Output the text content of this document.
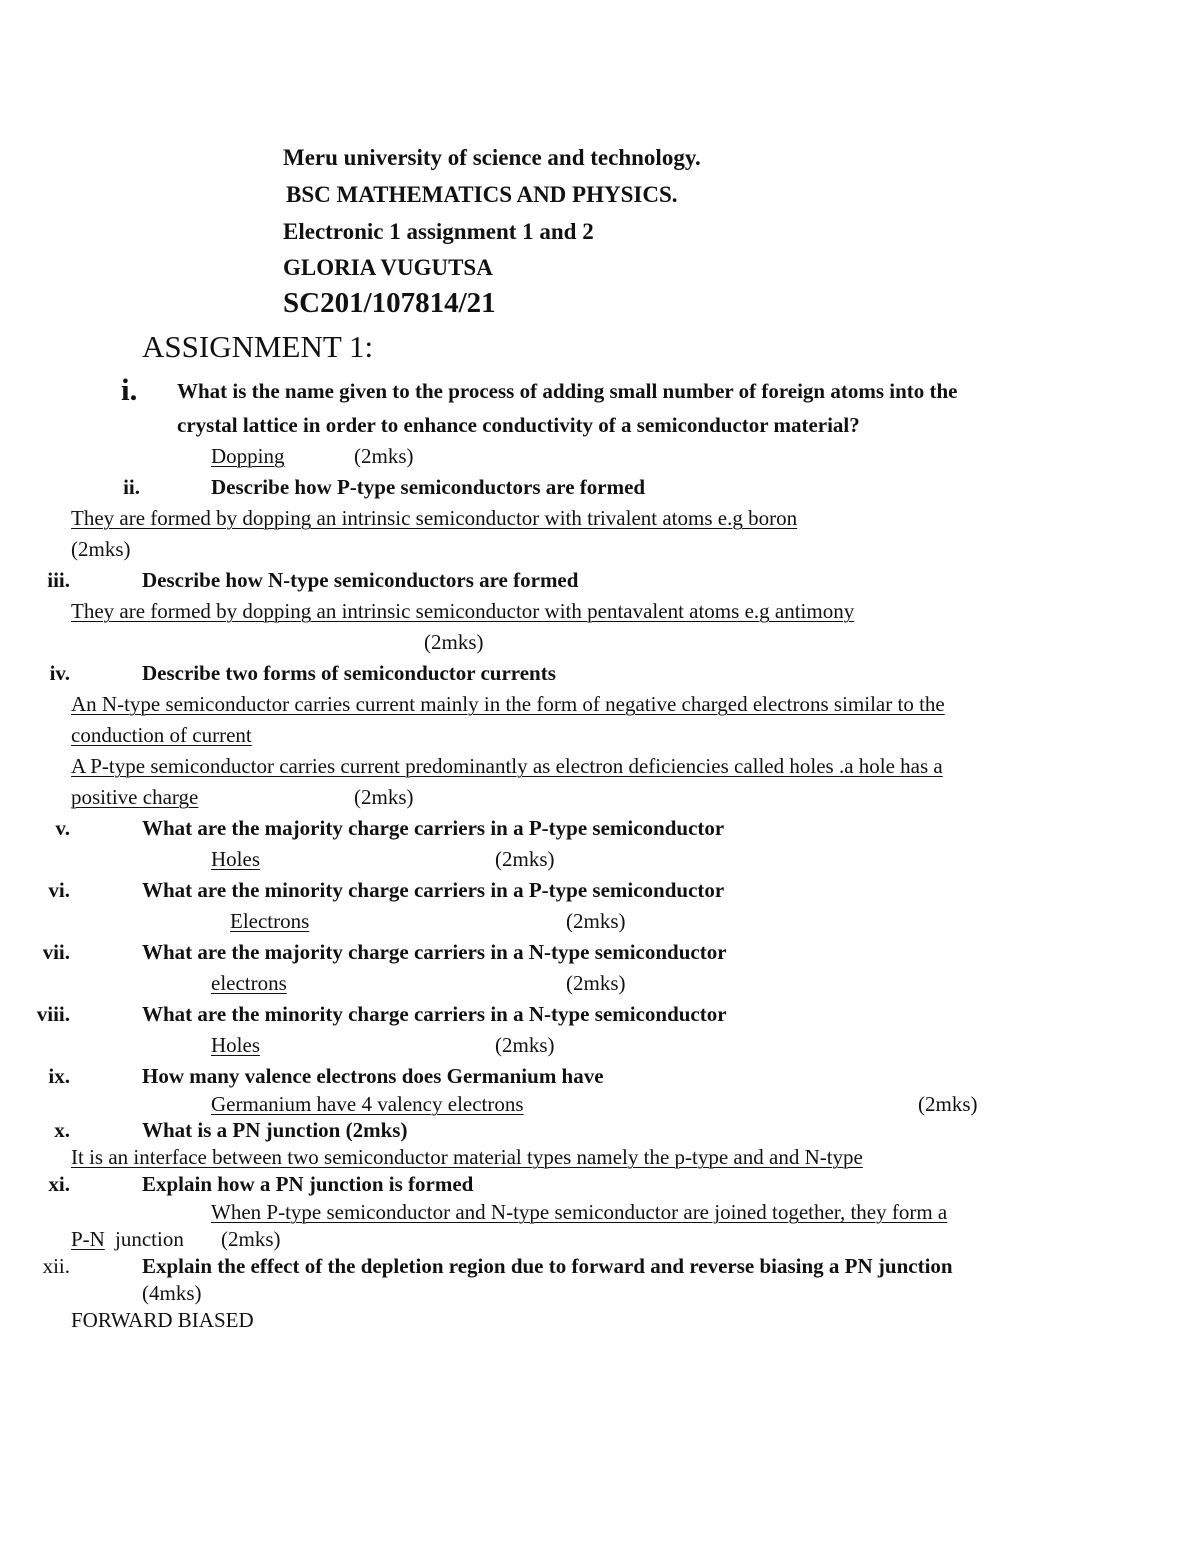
Meru university of science and technology.
BSC MATHEMATICS AND PHYSICS.
Electronic 1 assignment 1 and 2
GLORIA VUGUTSA
SC201/107814/21
ASSIGNMENT 1:
i. What is the name given to the process of adding small number of foreign atoms into the
crystal lattice in order to enhance conductivity of a semiconductor material?
Dopping	(2mks)
ii.	Describe how P-type semiconductors are formed
They are formed by dopping an intrinsic semiconductor with trivalent atoms e.g boron
(2mks)
iii.	Describe how N-type semiconductors are formed
They are formed by dopping an intrinsic semiconductor with pentavalent atoms e.g antimony
(2mks)
iv.	Describe two forms of semiconductor currents
An N-type semiconductor carries current mainly in the form of negative charged electrons similar to the
conduction of current
A P-type semiconductor carries current predominantly as electron deficiencies called holes .a hole has a
positive charge	(2mks)
v.	What are the majority charge carriers in a P-type semiconductor
Holes	(2mks)
vi.	What are the minority charge carriers in a P-type semiconductor
Electrons	(2mks)
vii.	What are the majority charge carriers in a N-type semiconductor
electrons	(2mks)
viii.	What are the minority charge carriers in a N-type semiconductor
Holes	(2mks)
ix.	How many valence electrons does Germanium have
Germanium have 4 valency electrons	(2mks)
x.	What is a PN junction (2mks)
It is an interface between two semiconductor material types namely the p-type and and N-type
xi.	Explain how a PN junction is formed
When P-type semiconductor and N-type semiconductor are joined together, they form a
P-N junction (2mks)
xii.	Explain the effect of the depletion region due to forward and reverse biasing a PN junction
(4mks)
FORWARD BIASED
